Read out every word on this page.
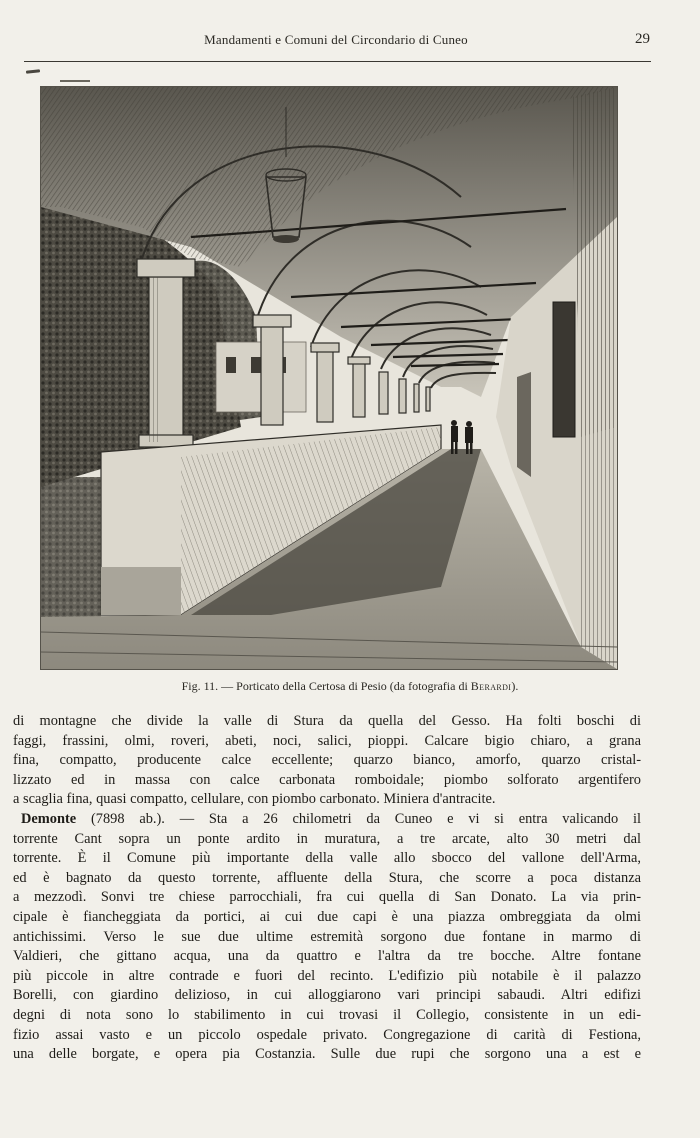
Mandamenti e Comuni del Circondario di Cuneo	29
Fig. 11. — Porticato della Certosa di Pesio (da fotografia di Berardi).
di montagne che divide la valle di Stura da quella del Gesso. Ha folti boschi di
faggi, frassini, olmi, roveri, abeti, noci, salici, pioppi. Calcare bigio chiaro, a grana
fina, compatto, producente calce eccellente; quarzo bianco, amorfo, quarzo cristal-
lizzato ed in massa con calce carbonata romboidale; piombo solforato argentifero
a scaglia fina, quasi compatto, cellulare, con piombo carbonato. Miniera d'antracite.
Demonte (7898 ab.). — Sta a 26 chilometri da Cuneo e vi si entra valicando il
torrente Cant sopra un ponte ardito in muratura, a tre arcate, alto 30 metri dal
torrente. È il Comune più importante della valle allo sbocco del vallone dell'Arma,
ed è bagnato da questo torrente, affluente della Stura, che scorre a poca distanza
a mezzodì. Sonvi tre chiese parrocchiali, fra cui quella di San Donato. La via prin-
cipale è fiancheggiata da portici, ai cui due capi è una piazza ombreggiata da olmi
antichissimi. Verso le sue due ultime estremità sorgono due fontane in marmo di
Valdieri, che gittano acqua, una da quattro e l'altra da tre bocche. Altre fontane
più piccole in altre contrade e fuori del recinto. L'edifizio più notabile è il palazzo
Borelli, con giardino delizioso, in cui alloggiarono vari principi sabaudi. Altri edifizi
degni di nota sono lo stabilimento in cui trovasi il Collegio, consistente in un edi-
fizio assai vasto e un piccolo ospedale privato. Congregazione di carità di Festiona,
una delle borgate, e opera pia Costanzia. Sulle due rupi che sorgono una a est e
